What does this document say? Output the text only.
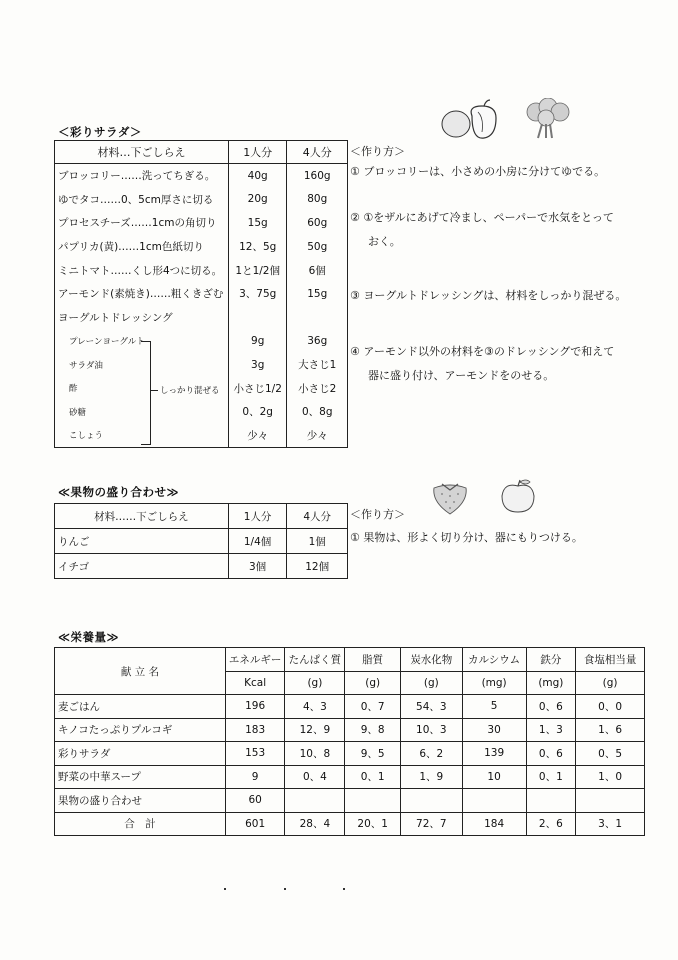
＜彩りサラダ＞
材料…下ごしらえ	1人分	4人分
ブロッコリー……洗ってちぎる。	40g	160g
ゆでタコ……0、5cm厚さに切る	20g	80g
プロセスチーズ……1cmの角切り	15g	60g
パプリカ(黄)……1cm色紙切り	12、5g	50g
ミニトマト……くし形4つに切る。	1と1/2個	6個
アーモンド(素焼き)……粗くきざむ	3、75g	15g
ヨーグルトドレッシング		
プレーンヨーグルト	9g	36g
サラダ油	3g	大さじ1
酢	小さじ1/2	小さじ2
砂糖	0、2g	0、8g
こしょう	少々	少々
しっかり混ぜる
＜作り方＞
① ブロッコリーは、小さめの小房に分けてゆでる。
② ①をザルにあげて冷まし、ペーパーで水気をとって
おく。
③ ヨーグルトドレッシングは、材料をしっかり混ぜる。
④ アーモンド以外の材料を③のドレッシングで和えて
器に盛り付け、アーモンドをのせる。
≪果物の盛り合わせ≫
材料……下ごしらえ	1人分	4人分
りんご	1/4個	1個
イチゴ	3個	12個
＜作り方＞
① 果物は、形よく切り分け、器にもりつける。
≪栄養量≫
献 立 名	エネルギー	たんぱく質	脂質	炭水化物	カルシウム	鉄分	食塩相当量
	Kcal	(g)	(g)	(g)	(mg)	(mg)	(g)
麦ごはん	196	4、3	0、7	54、3	5	0、6	0、0
キノコたっぷりプルコギ	183	12、9	9、8	10、3	30	1、3	1、6
彩りサラダ	153	10、8	9、5	6、2	139	0、6	0、5
野菜の中華スープ	9	0、4	0、1	1、9	10	0、1	1、0
果物の盛り合わせ	60						
合　計	601	28、4	20、1	72、7	184	2、6	3、1
